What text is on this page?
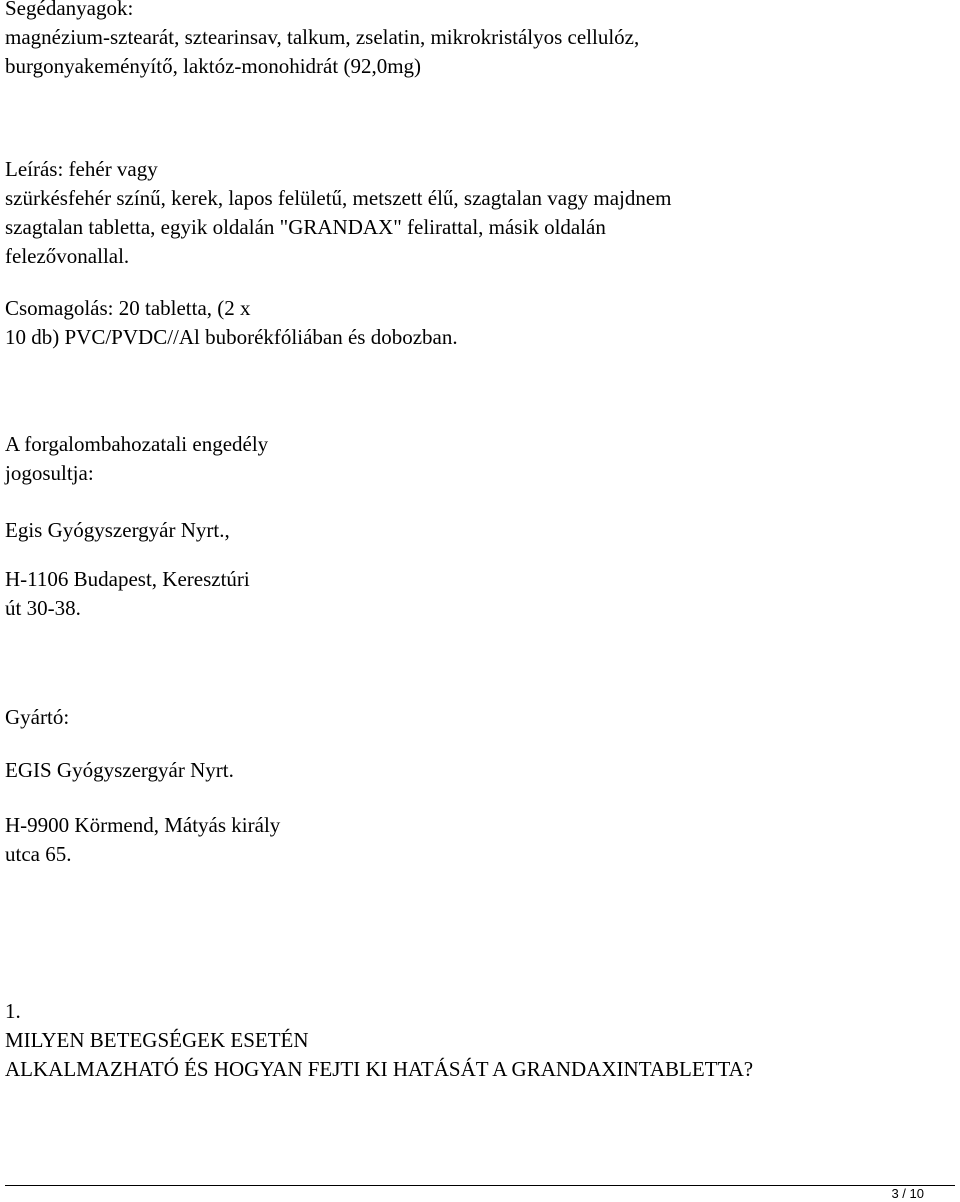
Segédanyagok:
magnézium-sztearát, sztearinsav, talkum, zselatin, mikrokristályos cellulóz,
burgonyakeményítő, laktóz-monohidrát (92,0mg)
Leírás: fehér vagy
szürkésfehér színű, kerek, lapos felületű, metszett élű, szagtalan vagy majdnem
szagtalan tabletta, egyik oldalán "GRANDAX" felirattal, másik oldalán
felezővonallal.
Csomagolás: 20 tabletta, (2 x
10 db) PVC/PVDC//Al buborékfóliában és dobozban.
A forgalombahozatali engedély
jogosultja:
Egis Gyógyszergyár Nyrt.,
H-1106 Budapest, Keresztúri
út 30-38.
Gyártó:
EGIS Gyógyszergyár Nyrt.
H-9900 Körmend, Mátyás király
utca 65.
1.
MILYEN BETEGSÉGEK ESETÉN
ALKALMAZHATÓ ÉS HOGYAN FEJTI KI HATÁSÁT A GRANDAXINTABLETTA?
3 / 10
